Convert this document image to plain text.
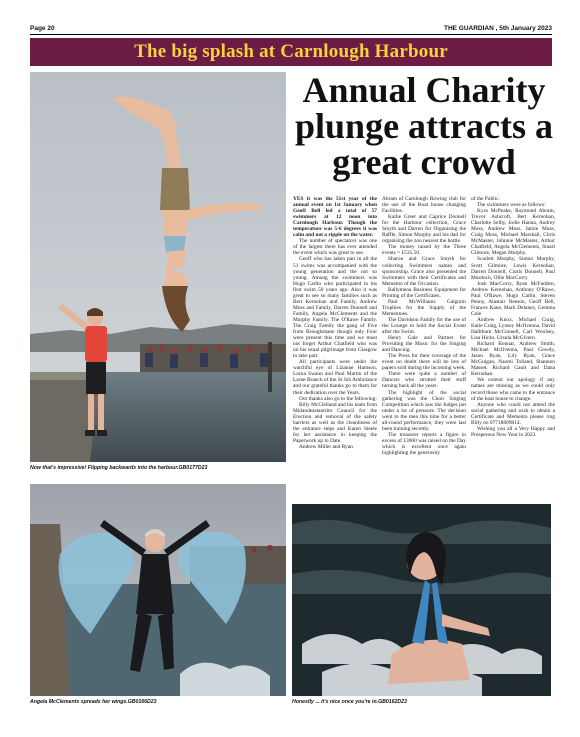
Page 20	THE GUARDIAN , 5th January 2023
The big splash at Carnlough Harbour
Now that's impressive! Flipping backwards into the harbour.GB0177D23
Annual Charity plunge attracts a great crowd

YES it was the 51st year of the annual event on 1st January when Geoff Bell led a total of 57 swimmers at 12 noon into Carnlough Harbour. Though the temperature was 5-6 degrees it was calm and not a ripple on the water.

The number of spectators was one of the largest there has ever attended the event which was great to see.

Geoff who has taken part in all the 51 swims was accompanied with the young generation and the not so young. Among the swimmers was Hugo Carlin who participated in his first swim 50 years ago. Also it was great to see so many families such as Bert Kernohan and Family, Andrew Moss and Family, Darren Donnell and Family, Angela McClements and the Murphy Family. The O'Rawe Family. The Craig Family the gang of Five from Broughshane though only Four were present this time and we must not forget Arthur Chatfield who was on his usual pilgrimage from Glasgow to take part.

All participants were under the watchful eye of Lizanne Hamson, Lorna Swann and Paul Martin of the Larne Branch of the St Joh Ambulance and our grateful thanks go to them for their dedication over the Years.

Our thanks also go to the following:

Billy McClelland and his team from Midandeastantrim Council for the Erection and removal of the safety barriers as well as the cleanliness of the entrance steps and Karen Steele for her assistance in keeping the Paperwork up to Date.

Andrew Miller and Ryan

Abram of Carnlough Rowing club for the use of the Boat house changing Facilities.

Kallie Greer and Caprice Donnell for the Harbour collection, Grace Smyth and Darren for Organising the Raffle, Simon Murphy and his dad for organising the zoo nearest the bottle.

The money raised by the Three events = £535.50.

Sharon and Grace Smyth for collecting Swimmers names and sponsorship. Grace also presented the Swimmers with their Certificates and Memento of the Occasion.

Ballymena Business Equipment for Printing of the Certificates.

Paul McWilliams Galgorm Trophies for the Supply of the Mementoes.

The Davidson Family for the use of the Lounge to hold the Social Event after the Swim.

Henry Gale and Partner for Providing the Music for the Singing and Dancing.

The Press for their coverage of the event no doubt there will be lots of papers sold during the incoming week.

There were quite a number of Dancers who strutted their stuff turning back all the years.

The highlight of the social gathering was the Choir Singing Competition which saw the Judges put under a lot of pressure. The decision went to the men this time for a better all-round performance, they were last been training secretly.

The treasurer reports a figure in excess of £3000 was raised on the Day which is excellent once again highlighting the generosity

of the Public.

The swimmers were as follows:

Kyra McPeake, Raymond Abram, Trevor Ashcroft, Bert Kernohan, Charlotte Selby, Jodie Hanna, Audrey Moss, Andrew Moss, Jamie Moss, Craig Moss, Michael Marshall, Chris McMaster, Johnnie McMaster, Arthur Chatfield, Angela McClements, Stuart Gilmore, Megan Murphy.

Scarlett Murphy, Simon Murphy, Scott Gilmore, Lewis Kernohan, Darren Donnell, Curtis Donnell, Paul Murdoch, Ollie MacCorry

Josh MacCorry, Ryan McFadden, Andrew Kernohan, Anthony O'Rawe, Paul O'Rawe, Hugo Carlin, Steven Penny, Alastair Neeson, Geoff Bell, Frances Kane, Mark Delaney, Gemma Cole

Andrew Knox, Michael Craig, Katie Craig, Lynsey McIlvenna, David Hallthom McConnell, Carl Woolsey, Lisa Hicks, Ursula McGivern

Richard Bonnar, Andrew Smith, Michael McIlvenna, Paul Gowdy, Jason Ryan, Lily Ryan, Grace McGuigan, Naomi Tolland, Shannon Masset, Richard Gault and Dana Kernohan.

We extend our apology if any names are missing as we could only record those who came to the entrance of the boat house to change.

Anyone who could not attend the social gathering and wish to obtain a Certificate and Memento please ring Billy on 07718809814.

Wishing you all a Very Happy and Prosperous New Year in 2023.

Angela McClements spreads her wings.GB0166D23	Honestly ... it's nice once you're in.GB0162D23
